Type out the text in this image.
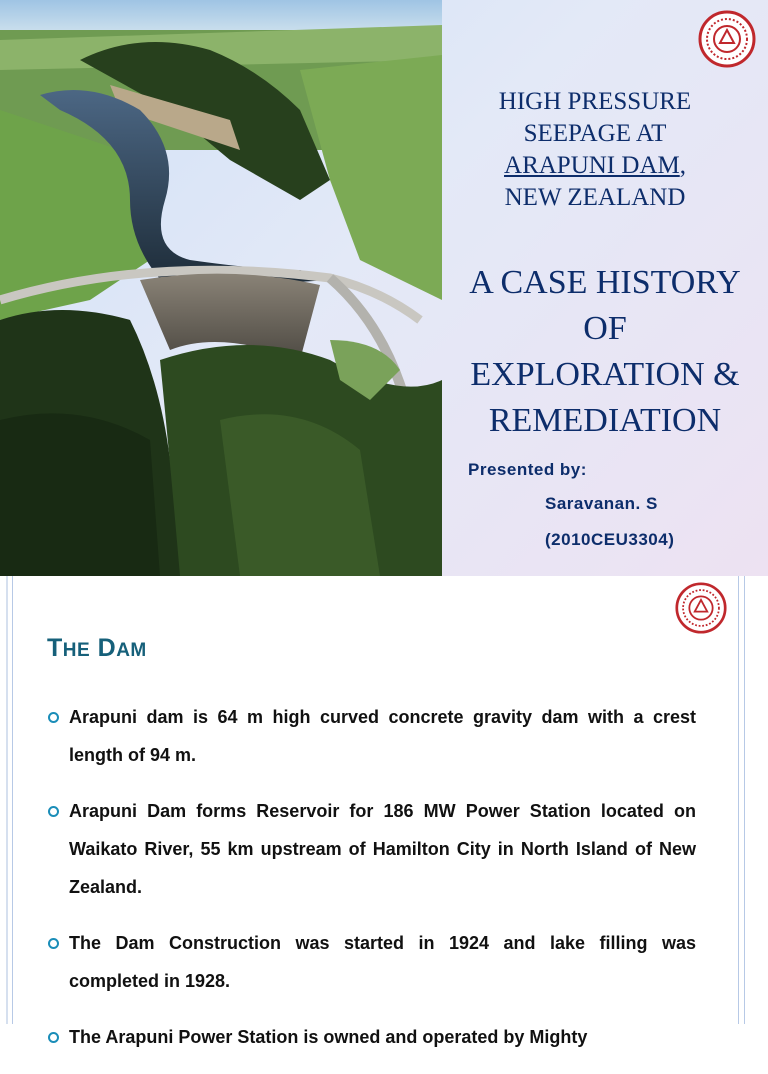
HIGH PRESSURE
SEEPAGE AT
ARAPUNI DAM,
NEW ZEALAND
A CASE HISTORY
OF
EXPLORATION &
REMEDIATION
Presented by:
Saravanan. S
(2010CEU3304)
THE DAM
Arapuni dam is 64 m high curved concrete gravity dam with a crest length of 94 m.
Arapuni Dam forms Reservoir for 186 MW Power Station located on Waikato River, 55 km upstream of Hamilton City in North Island of New Zealand.
The Dam Construction was started in 1924 and lake filling was completed in 1928.
The Arapuni Power Station is owned and operated by Mighty
